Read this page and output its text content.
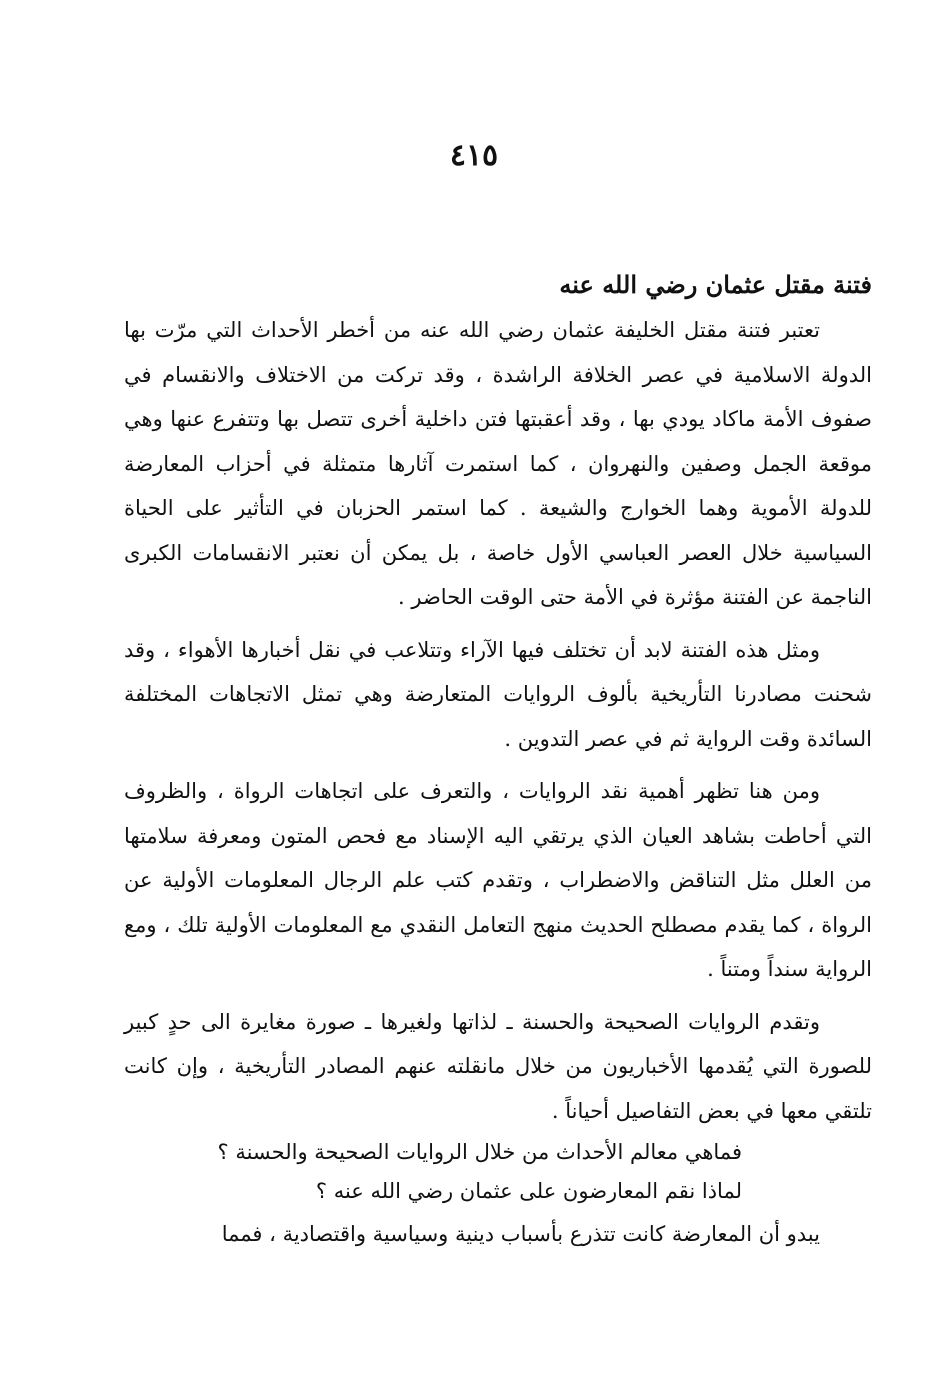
٤١٥
فتنة مقتل عثمان رضي الله عنه

تعتبر فتنة مقتل الخليفة عثمان رضي الله عنه من أخطر الأحداث التي مرّت بها الدولة الاسلامية في عصر الخلافة الراشدة ، وقد تركت من الاختلاف والانقسام في صفوف الأمة ماكاد يودي بها ، وقد أعقبتها فتن داخلية أخرى تتصل بها وتتفرع عنها وهي موقعة الجمل وصفين والنهروان ، كما استمرت آثارها متمثلة في أحزاب المعارضة للدولة الأموية وهما الخوارج والشيعة . كما استمر الحزبان في التأثير على الحياة السياسية خلال العصر العباسي الأول خاصة ، بل يمكن أن نعتبر الانقسامات الكبرى الناجمة عن الفتنة مؤثرة في الأمة حتى الوقت الحاضر .

ومثل هذه الفتنة لابد أن تختلف فيها الآراء وتتلاعب في نقل أخبارها الأهواء ، وقد شحنت مصادرنا التأريخية بألوف الروايات المتعارضة وهي تمثل الاتجاهات المختلفة السائدة وقت الرواية ثم في عصر التدوين .

ومن هنا تظهر أهمية نقد الروايات ، والتعرف على اتجاهات الرواة ، والظروف التي أحاطت بشاهد العيان الذي يرتقي اليه الإسناد مع فحص المتون ومعرفة سلامتها من العلل مثل التناقض والاضطراب ، وتقدم كتب علم الرجال المعلومات الأولية عن الرواة ، كما يقدم مصطلح الحديث منهج التعامل النقدي مع المعلومات الأولية تلك ، ومع الرواية سنداً ومتناً .

وتقدم الروايات الصحيحة والحسنة ـ لذاتها ولغيرها ـ صورة مغايرة الى حدٍ كبير للصورة التي يُقدمها الأخباريون من خلال مانقلته عنهم المصادر التأريخية ، وإن كانت تلتقي معها في بعض التفاصيل أحياناً .

فماهي معالم الأحداث من خلال الروايات الصحيحة والحسنة ؟

لماذا نقم المعارضون على عثمان رضي الله عنه ؟

يبدو أن المعارضة كانت تتذرع بأسباب دينية وسياسية واقتصادية ، فمما
